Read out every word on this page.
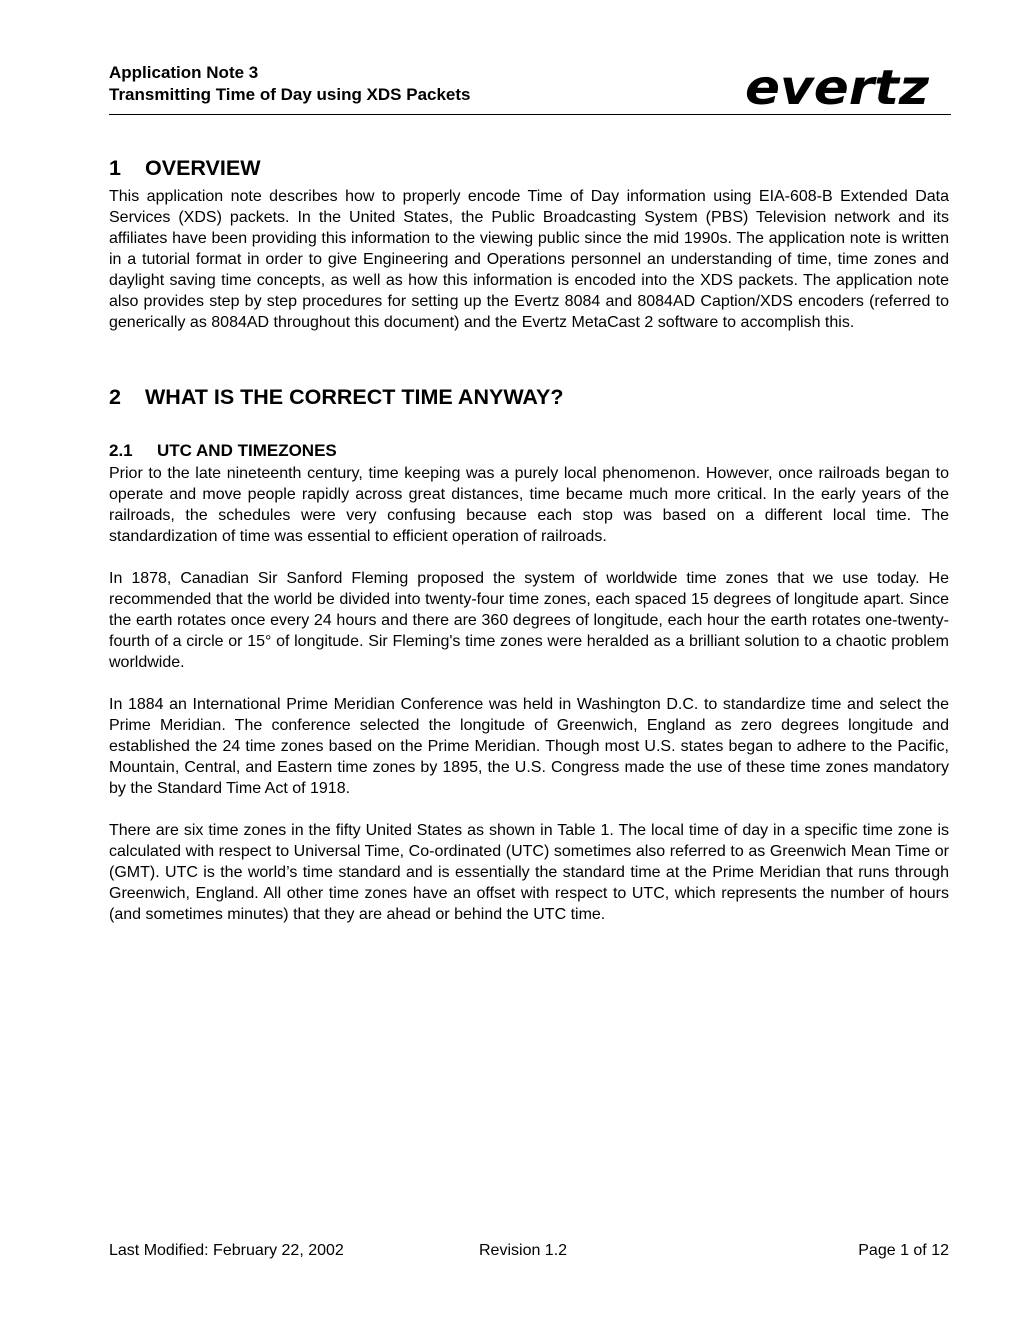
Application Note 3
Transmitting Time of Day using XDS Packets	evertz
1 OVERVIEW

This application note describes how to properly encode Time of Day information using EIA-608-B Extended Data Services (XDS) packets. In the United States, the Public Broadcasting System (PBS) Television network and its affiliates have been providing this information to the viewing public since the mid 1990s. The application note is written in a tutorial format in order to give Engineering and Operations personnel an understanding of time, time zones and daylight saving time concepts, as well as how this information is encoded into the XDS packets. The application note also provides step by step procedures for setting up the Evertz 8084 and 8084AD Caption/XDS encoders (referred to generically as 8084AD throughout this document) and the Evertz MetaCast 2 software to accomplish this.

2 WHAT IS THE CORRECT TIME ANYWAY?
2.1 UTC AND TIMEZONES

Prior to the late nineteenth century, time keeping was a purely local phenomenon. However, once railroads began to operate and move people rapidly across great distances, time became much more critical. In the early years of the railroads, the schedules were very confusing because each stop was based on a different local time. The standardization of time was essential to efficient operation of railroads.

In 1878, Canadian Sir Sanford Fleming proposed the system of worldwide time zones that we use today. He recommended that the world be divided into twenty-four time zones, each spaced 15 degrees of longitude apart. Since the earth rotates once every 24 hours and there are 360 degrees of longitude, each hour the earth rotates one-twenty-fourth of a circle or 15° of longitude. Sir Fleming's time zones were heralded as a brilliant solution to a chaotic problem worldwide.

In 1884 an International Prime Meridian Conference was held in Washington D.C. to standardize time and select the Prime Meridian. The conference selected the longitude of Greenwich, England as zero degrees longitude and established the 24 time zones based on the Prime Meridian. Though most U.S. states began to adhere to the Pacific, Mountain, Central, and Eastern time zones by 1895, the U.S. Congress made the use of these time zones mandatory by the Standard Time Act of 1918.

There are six time zones in the fifty United States as shown in Table 1. The local time of day in a specific time zone is calculated with respect to Universal Time, Co-ordinated (UTC) sometimes also referred to as Greenwich Mean Time or (GMT). UTC is the world’s time standard and is essentially the standard time at the Prime Meridian that runs through Greenwich, England. All other time zones have an offset with respect to UTC, which represents the number of hours (and sometimes minutes) that they are ahead or behind the UTC time.

Last Modified: February 22, 2002	Revision 1.2	Page 1 of 12
